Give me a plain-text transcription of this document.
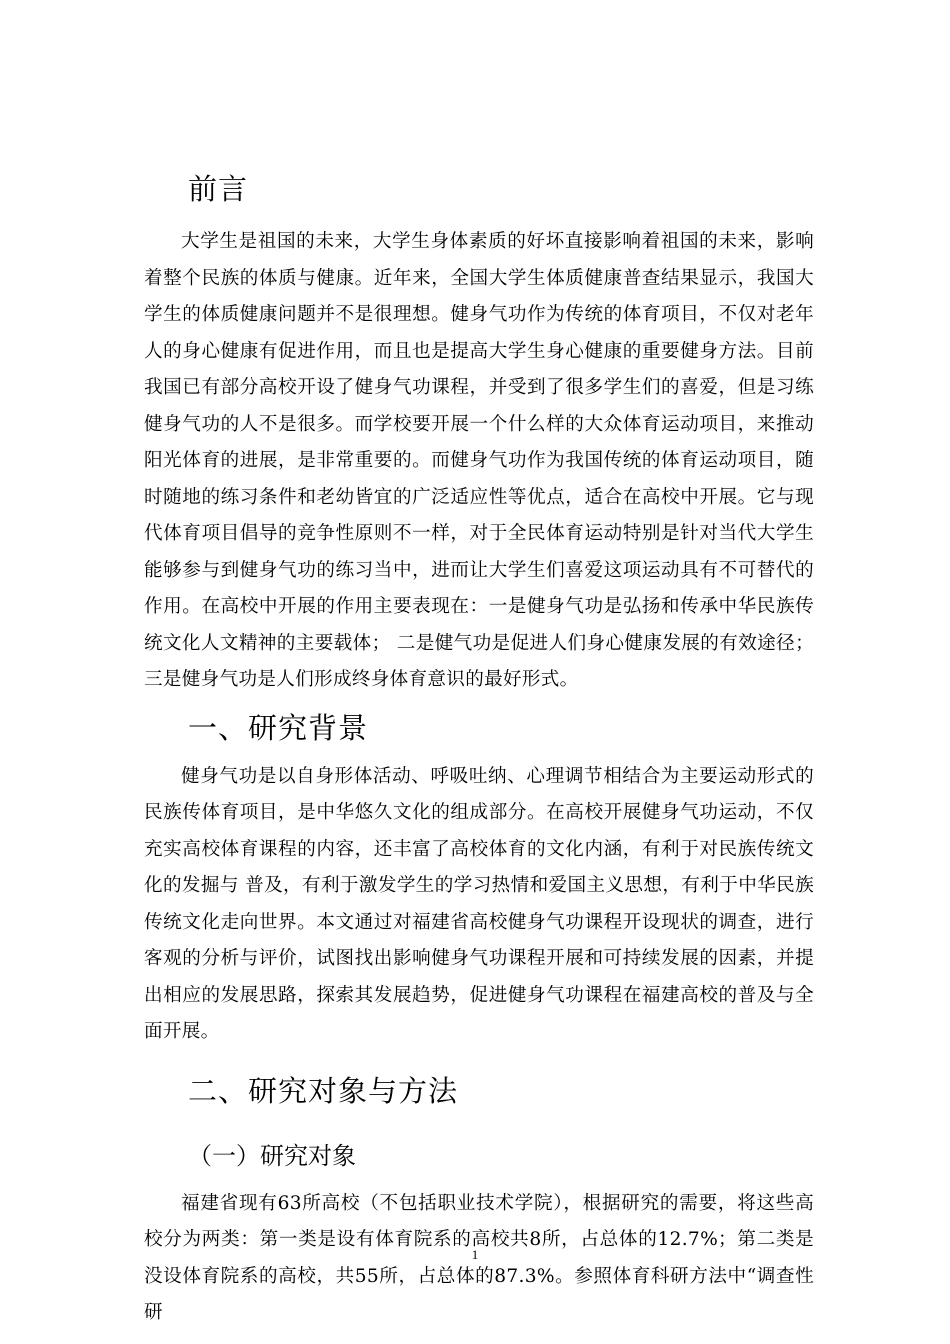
前言

大学生是祖国的未来，大学生身体素质的好坏直接影响着祖国的未来，影响着整个民族的体质与健康。近年来，全国大学生体质健康普查结果显示，我国大学生的体质健康问题并不是很理想。健身气功作为传统的体育项目，不仅对老年人的身心健康有促进作用，而且也是提高大学生身心健康的重要健身方法。目前我国已有部分高校开设了健身气功课程，并受到了很多学生们的喜爱，但是习练健身气功的人不是很多。而学校要开展一个什么样的大众体育运动项目，来推动阳光体育的进展，是非常重要的。而健身气功作为我国传统的体育运动项目，随时随地的练习条件和老幼皆宜的广泛适应性等优点，适合在高校中开展。它与现代体育项目倡导的竞争性原则不一样，对于全民体育运动特别是针对当代大学生能够参与到健身气功的练习当中，进而让大学生们喜爱这项运动具有不可替代的作用。在高校中开展的作用主要表现在：一是健身气功是弘扬和传承中华民族传统文化人文精神的主要载体； 二是健气功是促进人们身心健康发展的有效途径；三是健身气功是人们形成终身体育意识的最好形式。

一、研究背景

健身气功是以自身形体活动、呼吸吐纳、心理调节相结合为主要运动形式的民族传体育项目，是中华悠久文化的组成部分。在高校开展健身气功运动，不仅充实高校体育课程的内容，还丰富了高校体育的文化内涵，有利于对民族传统文化的发掘与 普及，有利于激发学生的学习热情和爱国主义思想，有利于中华民族传统文化走向世界。本文通过对福建省高校健身气功课程开设现状的调查，进行客观的分析与评价，试图找出影响健身气功课程开展和可持续发展的因素，并提出相应的发展思路，探索其发展趋势，促进健身气功课程在福建高校的普及与全面开展。

二、研究对象与方法
（一）研究对象

福建省现有63所高校（不包括职业技术学院），根据研究的需要，将这些高校分为两类：第一类是设有体育院系的高校共8所，占总体的12.7%；第二类是没设体育院系的高校，共55所，占总体的87.3%。参照体育科研方法中“调查性研

1
